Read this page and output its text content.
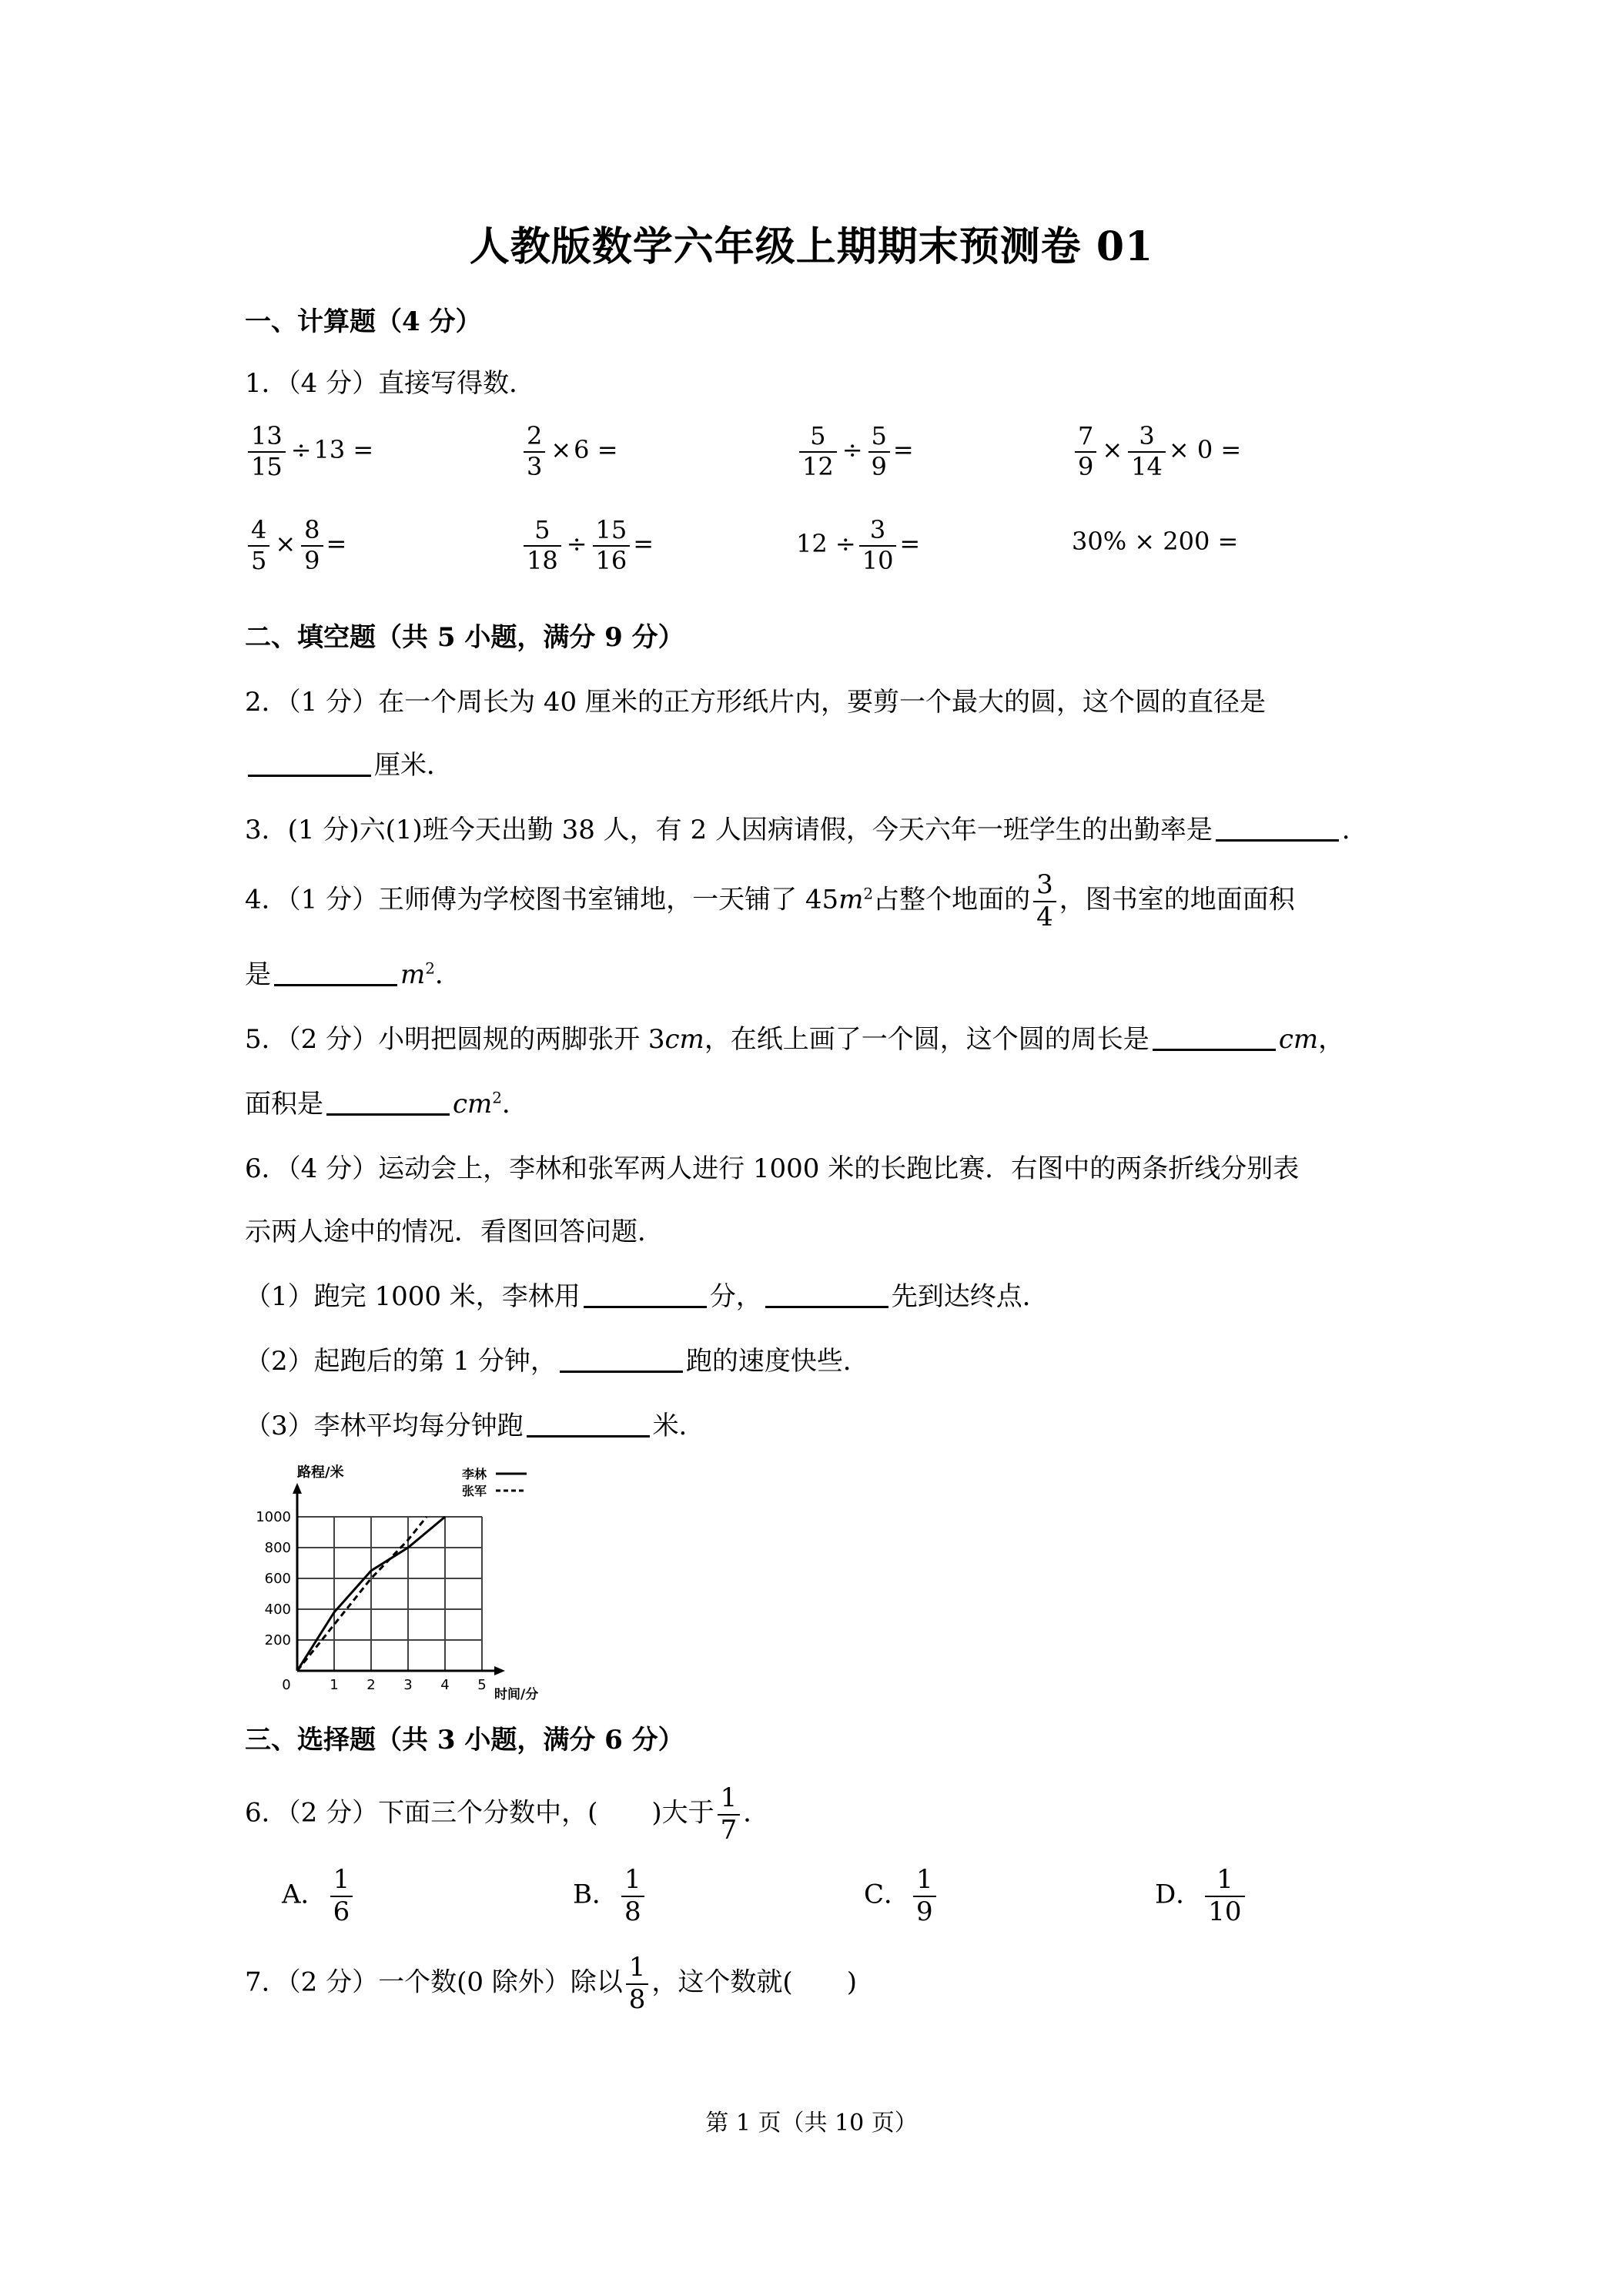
人教版数学六年级上期期末预测卷 01
一、计算题（4 分）
1．（4 分）直接写得数．
$\frac{13}{15} \div 13$ =	$\frac{2}{3} \times 6$ =	$\frac{5}{12} \div \frac{5}{9}$ =	$\frac{7}{9} \times \frac{3}{14} \times 0$ =
$\frac{4}{5} \times \frac{8}{9}$ =	$\frac{5}{18} \div \frac{15}{16}$ =	$12 \div \frac{3}{10}$ =	30% × 200 =
二、填空题（共 5 小题，满分 9 分）
2．（1 分）在一个周长为 40 厘米的正方形纸片内，要剪一个最大的圆，这个圆的直径是
厘米．
3．(1 分)六(1)班今天出勤 38 人，有 2 人因病请假，今天六年一班学生的出勤率是	．
4．（1 分）王师傅为学校图书室铺地，一天铺了 $45m^2$占整个地面的 $\frac{3}{4}$ ，图书室的地面面积
是	$m^2$．
5．（2 分）小明把圆规的两脚张开 3cm，在纸上画了一个圆，这个圆的周长是	cm，
面积是	$cm^2$．
6．（4 分）运动会上，李林和张军两人进行 1000 米的长跑比赛．右图中的两条折线分别表
示两人途中的情况．看图回答问题．
（1）跑完 1000 米，李林用	分，	先到达终点．
（2）起跑后的第 1 分钟，	跑的速度快些．
（3）李林平均每分钟跑	米．
0	1 2 3 4 5
200
400
600
800
1000
路程/米
时间/分
李林
张军
三、选择题（共 3 小题，满分 6 分）
6．（2 分）下面三个分数中，( )大于 $\frac{1}{7}$ ．
A． $\frac{1}{6}$	B． $\frac{1}{8}$	C． $\frac{1}{9}$	D． $\frac{1}{10}$
7．（2 分）一个数(0 除外）除以 $\frac{1}{8}$ ，这个数就( )
第 1 页（共 10 页）
